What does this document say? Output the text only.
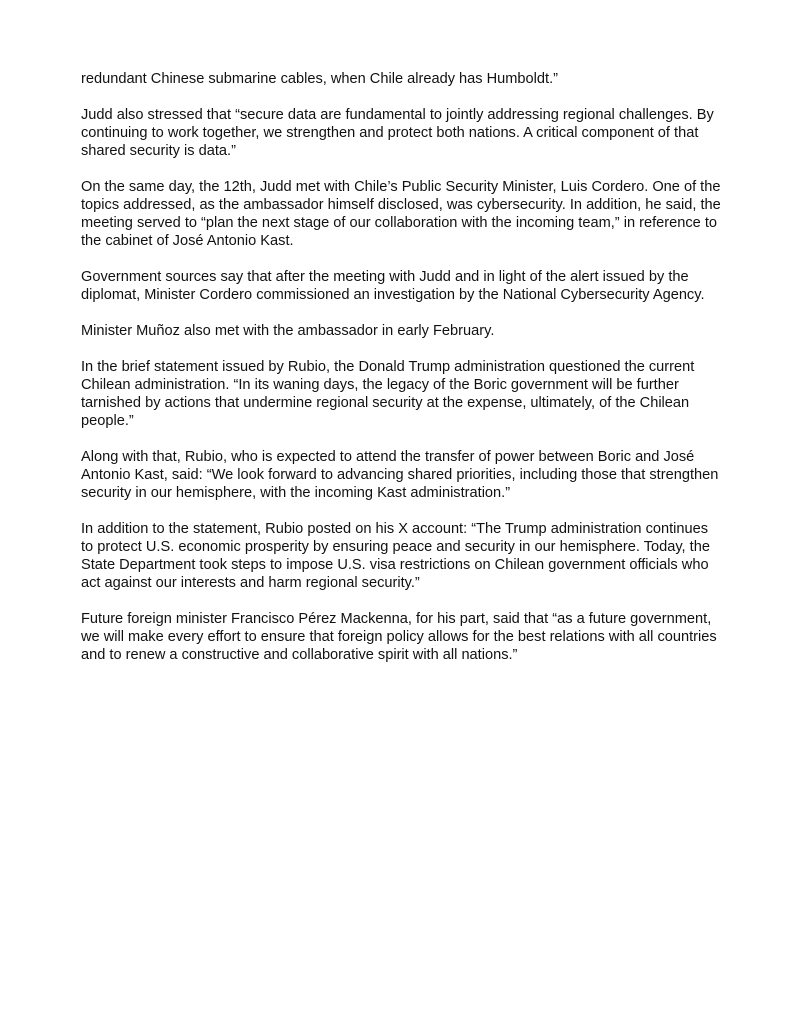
redundant Chinese submarine cables, when Chile already has Humboldt.”

Judd also stressed that “secure data are fundamental to jointly addressing regional challenges. By continuing to work together, we strengthen and protect both nations. A critical component of that shared security is data.”

On the same day, the 12th, Judd met with Chile’s Public Security Minister, Luis Cordero. One of the topics addressed, as the ambassador himself disclosed, was cybersecurity. In addition, he said, the meeting served to “plan the next stage of our collaboration with the incoming team,” in reference to the cabinet of José Antonio Kast.

Government sources say that after the meeting with Judd and in light of the alert issued by the diplomat, Minister Cordero commissioned an investigation by the National Cybersecurity Agency.

Minister Muñoz also met with the ambassador in early February.

In the brief statement issued by Rubio, the Donald Trump administration questioned the current Chilean administration. “In its waning days, the legacy of the Boric government will be further tarnished by actions that undermine regional security at the expense, ultimately, of the Chilean people.”

Along with that, Rubio, who is expected to attend the transfer of power between Boric and José Antonio Kast, said: “We look forward to advancing shared priorities, including those that strengthen security in our hemisphere, with the incoming Kast administration.”

In addition to the statement, Rubio posted on his X account: “The Trump administration continues to protect U.S. economic prosperity by ensuring peace and security in our hemisphere. Today, the State Department took steps to impose U.S. visa restrictions on Chilean government officials who act against our interests and harm regional security.”

Future foreign minister Francisco Pérez Mackenna, for his part, said that “as a future government, we will make every effort to ensure that foreign policy allows for the best relations with all countries and to renew a constructive and collaborative spirit with all nations.”
